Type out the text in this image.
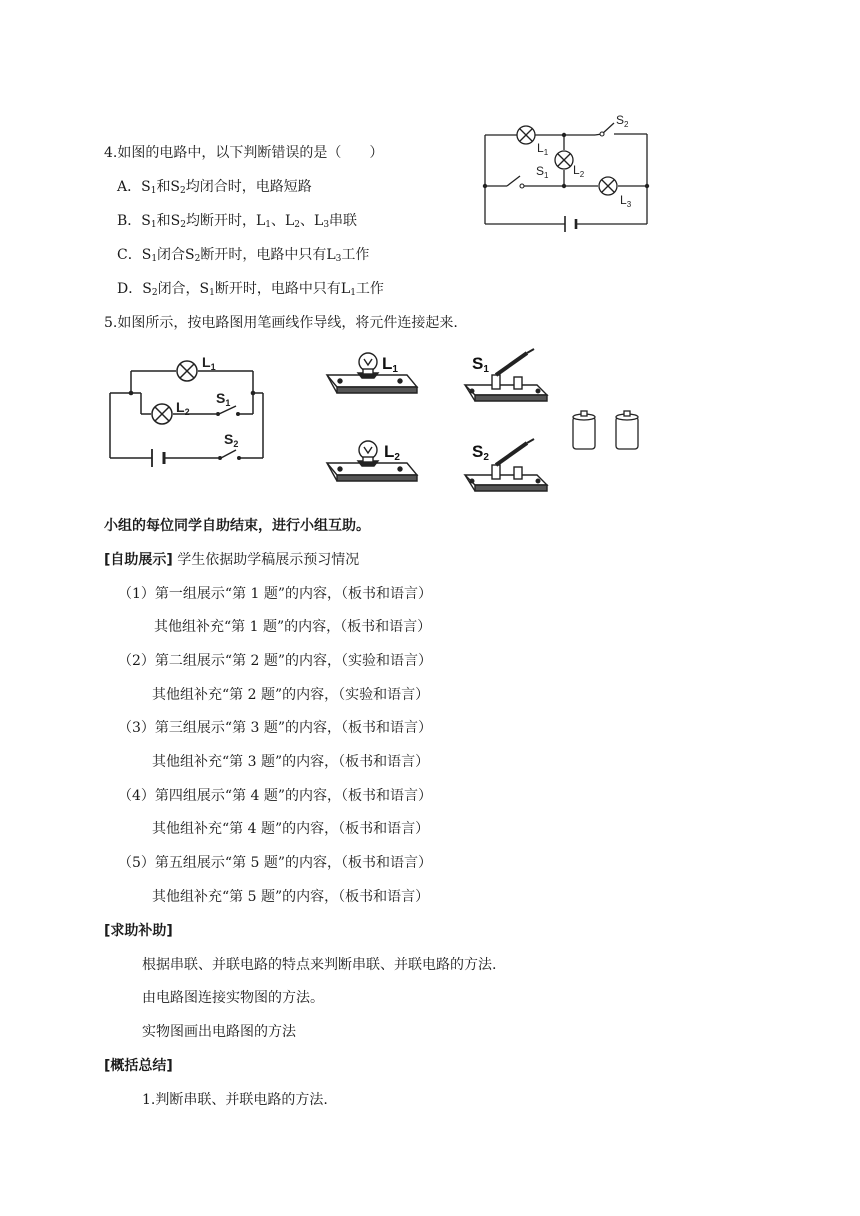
4.如图的电路中，以下判断错误的是（　　）
A．$S_1$和$S_2$均闭合时，电路短路
B．$S_1$和$S_2$均断开时，$L_1$、$L_2$、$L_3$串联
C．$S_1$闭合$S_2$断开时，电路中只有$L_3$工作
D．$S_2$闭合，$S_1$断开时，电路中只有$L_1$工作
$S_2$
$L_1$
$L_2$
$S_1$
$L_3$
5.如图所示，按电路图用笔画线作导线，将元件连接起来.
$L_1$
$L_2$
$S_1$
$S_2$
L1
L2
S1
S2
小组的每位同学自助结束，进行小组互助。
[自助展示] 学生依据助学稿展示预习情况
（1）第一组展示“第 1 题”的内容，（板书和语言）
其他组补充“第 1 题”的内容，（板书和语言）
（2）第二组展示“第 2 题”的内容，（实验和语言）
其他组补充“第 2 题”的内容，（实验和语言）
（3）第三组展示“第 3 题”的内容，（板书和语言）
其他组补充“第 3 题”的内容，（板书和语言）
（4）第四组展示“第 4 题”的内容，（板书和语言）
其他组补充“第 4 题”的内容，（板书和语言）
（5）第五组展示“第 5 题”的内容，（板书和语言）
其他组补充“第 5 题”的内容，（板书和语言）
[求助补助]
根据串联、并联电路的特点来判断串联、并联电路的方法.
由电路图连接实物图的方法。
实物图画出电路图的方法
[概括总结]
1.判断串联、并联电路的方法.
